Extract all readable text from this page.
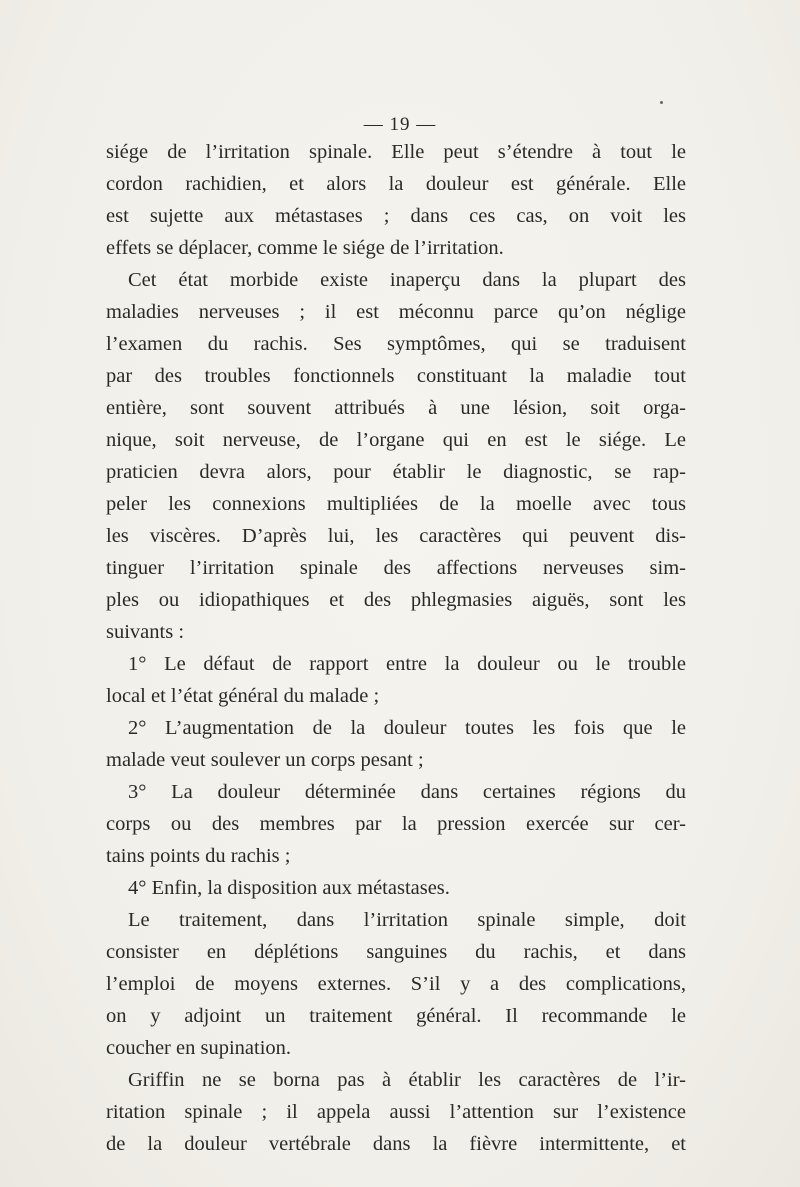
— 19 —
siége de l’irritation spinale. Elle peut s’étendre à tout le
cordon rachidien, et alors la douleur est générale. Elle
est sujette aux métastases ; dans ces cas, on voit les
effets se déplacer, comme le siége de l’irritation.
Cet état morbide existe inaperçu dans la plupart des
maladies nerveuses ; il est méconnu parce qu’on néglige
l’examen du rachis. Ses symptômes, qui se traduisent
par des troubles fonctionnels constituant la maladie tout
entière, sont souvent attribués à une lésion, soit orga-
nique, soit nerveuse, de l’organe qui en est le siége. Le
praticien devra alors, pour établir le diagnostic, se rap-
peler les connexions multipliées de la moelle avec tous
les viscères. D’après lui, les caractères qui peuvent dis-
tinguer l’irritation spinale des affections nerveuses sim-
ples ou idiopathiques et des phlegmasies aiguës, sont les
suivants :
1° Le défaut de rapport entre la douleur ou le trouble
local et l’état général du malade ;
2° L’augmentation de la douleur toutes les fois que le
malade veut soulever un corps pesant ;
3° La douleur déterminée dans certaines régions du
corps ou des membres par la pression exercée sur cer-
tains points du rachis ;
4° Enfin, la disposition aux métastases.
Le traitement, dans l’irritation spinale simple, doit
consister en déplétions sanguines du rachis, et dans
l’emploi de moyens externes. S’il y a des complications,
on y adjoint un traitement général. Il recommande le
coucher en supination.
Griffin ne se borna pas à établir les caractères de l’ir-
ritation spinale ; il appela aussi l’attention sur l’existence
de la douleur vertébrale dans la fièvre intermittente, et
